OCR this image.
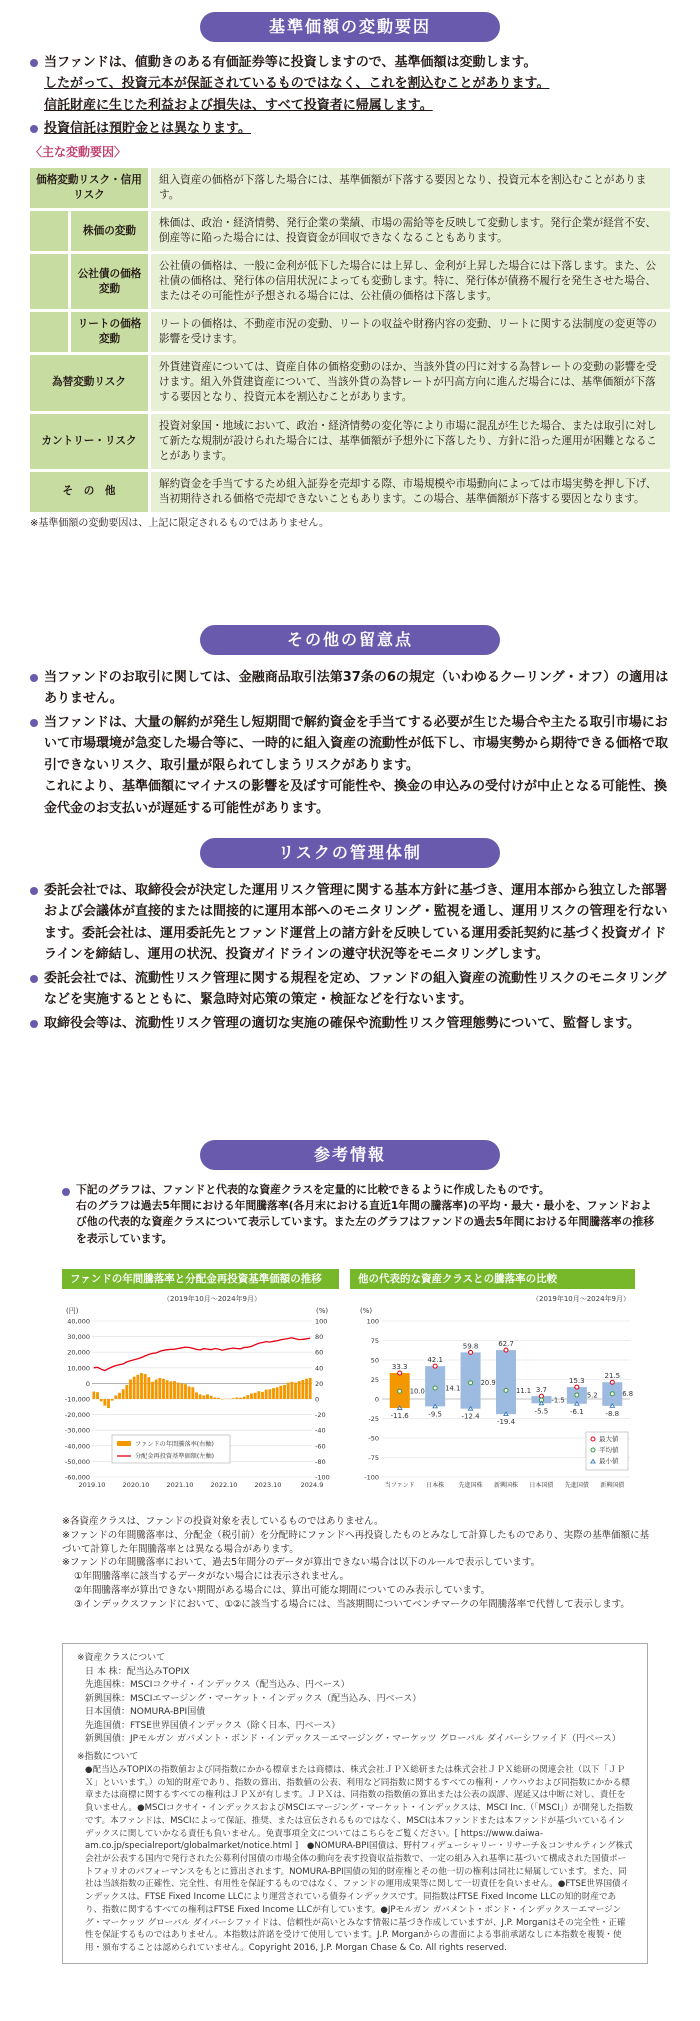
基準価額の変動要因
当ファンドは、値動きのある有価証券等に投資しますので、基準価額は変動します。
したがって、投資元本が保証されているものではなく、これを割込むことがあります。
信託財産に生じた利益および損失は、すべて投資者に帰属します。
投資信託は預貯金とは異なります。
〈主な変動要因〉
価格変動リスク・信用リスク		組入資産の価格が下落した場合には、基準価額が下落する要因となり、投資元本を割込むことがあります。
	株価の変動	株価は、政治・経済情勢、発行企業の業績、市場の需給等を反映して変動します。発行企業が経営不安、倒産等に陥った場合には、投資資金が回収できなくなることもあります。
	公社債の価格変動	公社債の価格は、一般に金利が低下した場合には上昇し、金利が上昇した場合には下落します。また、公社債の価格は、発行体の信用状況によっても変動します。特に、発行体が債務不履行を発生させた場合、またはその可能性が予想される場合には、公社債の価格は下落します。
	リートの価格変動	リートの価格は、不動産市況の変動、リートの収益や財務内容の変動、リートに関する法制度の変更等の影響を受けます。
為替変動リスク		外貨建資産については、資産自体の価格変動のほか、当該外貨の円に対する為替レートの変動の影響を受けます。組入外貨建資産について、当該外貨の為替レートが円高方向に進んだ場合には、基準価額が下落する要因となり、投資元本を割込むことがあります。
カントリー・リスク		投資対象国・地域において、政治・経済情勢の変化等により市場に混乱が生じた場合、または取引に対して新たな規制が設けられた場合には、基準価額が予想外に下落したり、方針に沿った運用が困難となることがあります。
そ　の　他		解約資金を手当てするため組入証券を売却する際、市場規模や市場動向によっては市場実勢を押し下げ、当初期待される価格で売却できないこともあります。この場合、基準価額が下落する要因となります。
※基準価額の変動要因は、上記に限定されるものではありません。
その他の留意点
当ファンドのお取引に関しては、金融商品取引法第37条の6の規定（いわゆるクーリング・オフ）の適用はありません。
当ファンドは、大量の解約が発生し短期間で解約資金を手当てする必要が生じた場合や主たる取引市場において市場環境が急変した場合等に、一時的に組入資産の流動性が低下し、市場実勢から期待できる価格で取引できないリスク、取引量が限られてしまうリスクがあります。
これにより、基準価額にマイナスの影響を及ぼす可能性や、換金の申込みの受付けが中止となる可能性、換金代金のお支払いが遅延する可能性があります。
リスクの管理体制
委託会社では、取締役会が決定した運用リスク管理に関する基本方針に基づき、運用本部から独立した部署および会議体が直接的または間接的に運用本部へのモニタリング・監視を通し、運用リスクの管理を行ないます。委託会社は、運用委託先とファンド運営上の諸方針を反映している運用委託契約に基づく投資ガイドラインを締結し、運用の状況、投資ガイドラインの遵守状況等をモニタリングします。
委託会社では、流動性リスク管理に関する規程を定め、ファンドの組入資産の流動性リスクのモニタリングなどを実施するとともに、緊急時対応策の策定・検証などを行ないます。
取締役会等は、流動性リスク管理の適切な実施の確保や流動性リスク管理態勢について、監督します。
参考情報
下記のグラフは、ファンドと代表的な資産クラスを定量的に比較できるように作成したものです。
右のグラフは過去5年間における年間騰落率(各月末における直近1年間の騰落率)の平均・最大・最小を、ファンドおよび他の代表的な資産クラスについて表示しています。また左のグラフはファンドの過去5年間における年間騰落率の推移を表示しています。
ファンドの年間騰落率と分配金再投資基準価額の推移
（2019年10月～2024年9月）
(円)	(%)
40,000
30,000
20,000
10,000
0
-10,000
-20,000
-30,000
-40,000
-50,000
-60,000
100
80
60
40
20
0
-20
-40
-60
-80
-100
2019.10	2020.10	2021.10	2022.10	2023.10	2024.9
ファンドの年間騰落率(右軸)
分配金再投資基準価額(左軸)
他の代表的な資産クラスとの騰落率の比較
（2019年10月～2024年9月）
(%)
100
75
50
25
0
-25
-50
-75
-100
33.3
10.0
-11.6
当ファンド
42.1
14.1
-9.5
日本株
59.8
20.9
-12.4
先進国株
62.7
11.1
-19.4
新興国株
3.7
-1.5
-5.5
日本国債
15.3
5.2
-6.1
先進国債
21.5
6.8
-8.8
新興国債
最大値
平均値
最小値
※各資産クラスは、ファンドの投資対象を表しているものではありません。
※ファンドの年間騰落率は、分配金（税引前）を分配時にファンドへ再投資したものとみなして計算したものであり、実際の基準価額に基づいて計算した年間騰落率とは異なる場合があります。
※ファンドの年間騰落率において、過去5年間分のデータが算出できない場合は以下のルールで表示しています。
①年間騰落率に該当するデータがない場合には表示されません。
②年間騰落率が算出できない期間がある場合には、算出可能な期間についてのみ表示しています。
③インデックスファンドにおいて、①②に該当する場合には、当該期間についてベンチマークの年間騰落率で代替して表示します。
※資産クラスについて
日 本 株：配当込みTOPIX
先進国株：MSCIコクサイ・インデックス（配当込み、円ベース）
新興国株：MSCIエマージング・マーケット・インデックス（配当込み、円ベース）
日本国債：NOMURA-BPI国債
先進国債：FTSE世界国債インデックス（除く日本、円ベース）
新興国債：JPモルガン ガバメント・ボンド・インデックス－エマージング・マーケッツ グローバル ダイバーシファイド（円ベース）
※指数について
●配当込みTOPIXの指数値および同指数にかかる標章または商標は、株式会社ＪＰＸ総研または株式会社ＪＰＸ総研の関連会社（以下「ＪＰＸ」といいます。）の知的財産であり、指数の算出、指数値の公表、利用など同指数に関するすべての権利・ノウハウおよび同指数にかかる標章または商標に関するすべての権利はＪＰＸが有します。ＪＰＸは、同指数の指数値の算出または公表の誤謬、遅延又は中断に対し、責任を負いません。●MSCIコクサイ・インデックスおよびMSCIエマージング・マーケット・インデックスは、MSCI Inc.（「MSCI」）が開発した指数です。本ファンドは、MSCIによって保証、推奨、または宣伝されるものではなく、MSCIは本ファンドまたは本ファンドが基づいているインデックスに関していかなる責任も負いません。免責事項全文についてはこちらをご覧ください。[ https://www.daiwa-am.co.jp/specialreport/globalmarket/notice.html ]　●NOMURA-BPI国債は、野村フィデューシャリー・リサーチ＆コンサルティング株式会社が公表する国内で発行された公募利付国債の市場全体の動向を表す投資収益指数で、一定の組み入れ基準に基づいて構成された国債ポートフォリオのパフォーマンスをもとに算出されます。NOMURA-BPI国債の知的財産権とその他一切の権利は同社に帰属しています。また、同社は当該指数の正確性、完全性、有用性を保証するものではなく、ファンドの運用成果等に関して一切責任を負いません。●FTSE世界国債インデックスは、FTSE Fixed Income LLCにより運営されている債券インデックスです。同指数はFTSE Fixed Income LLCの知的財産であり、指数に関するすべての権利はFTSE Fixed Income LLCが有しています。●JPモルガン ガバメント・ボンド・インデックス－エマージング・マーケッツ グローバル ダイバーシファイドは、信頼性が高いとみなす情報に基づき作成していますが、J.P. Morganはその完全性・正確性を保証するものではありません。本指数は許諾を受けて使用しています。J.P. Morganからの書面による事前承諾なしに本指数を複製・使用・頒布することは認められていません。Copyright 2016, J.P. Morgan Chase & Co. All rights reserved.
